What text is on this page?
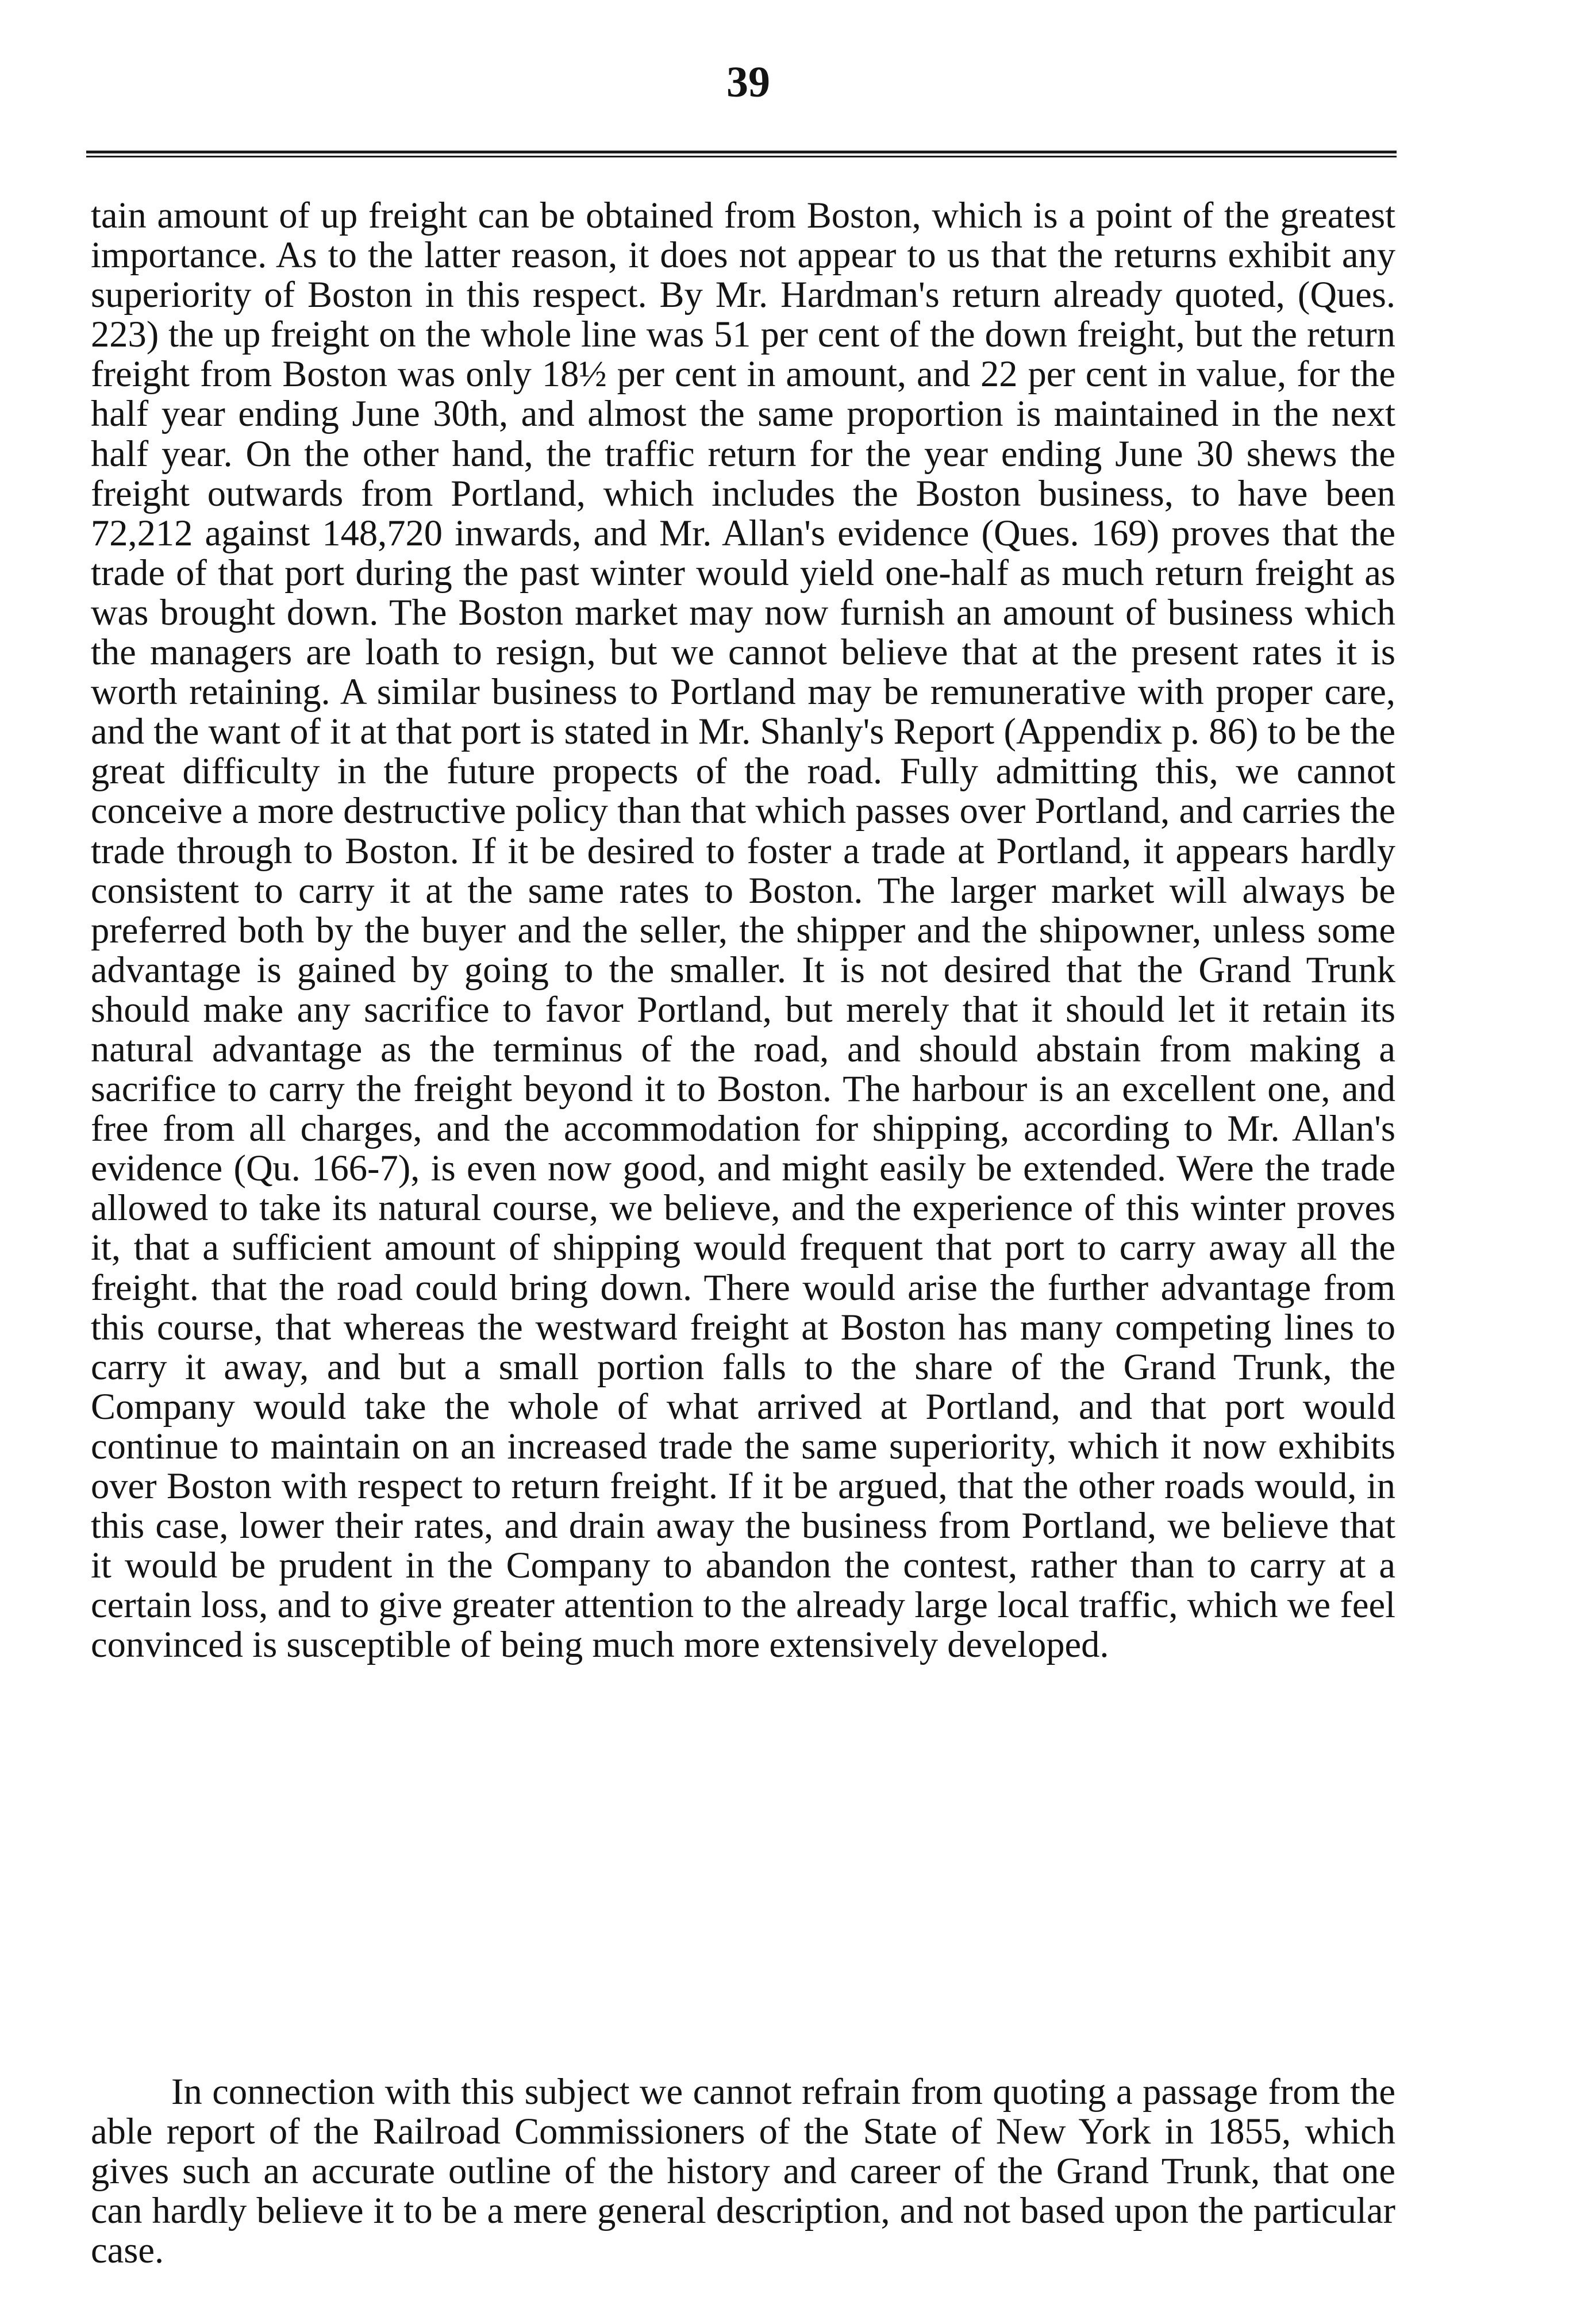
39

tain amount of up freight can be obtained from Boston, which is a point of the greatest importance. As to the latter reason, it does not appear to us that the returns exhibit any superiority of Boston in this respect. By Mr. Hardman's return already quoted, (Ques. 223) the up freight on the whole line was 51 per cent of the down freight, but the return freight from Boston was only 18½ per cent in amount, and 22 per cent in value, for the half year ending June 30th, and almost the same proportion is maintained in the next half year. On the other hand, the traffic return for the year ending June 30 shews the freight outwards from Portland, which includes the Boston business, to have been 72,212 against 148,720 inwards, and Mr. Allan's evidence (Ques. 169) proves that the trade of that port during the past winter would yield one-half as much return freight as was brought down. The Boston market may now furnish an amount of business which the managers are loath to resign, but we cannot believe that at the present rates it is worth retaining. A similar business to Portland may be remunerative with proper care, and the want of it at that port is stated in Mr. Shanly's Report (Appendix p. 86) to be the great difficulty in the future propects of the road. Fully admitting this, we cannot conceive a more destructive policy than that which passes over Portland, and carries the trade through to Boston. If it be desired to foster a trade at Portland, it appears hardly consistent to carry it at the same rates to Boston. The larger market will always be preferred both by the buyer and the seller, the shipper and the shipowner, unless some advantage is gained by going to the smaller. It is not desired that the Grand Trunk should make any sacrifice to favor Portland, but merely that it should let it retain its natural advantage as the terminus of the road, and should abstain from making a sacrifice to carry the freight beyond it to Boston. The harbour is an excellent one, and free from all charges, and the accommodation for shipping, according to Mr. Allan's evidence (Qu. 166-7), is even now good, and might easily be extended. Were the trade allowed to take its natural course, we believe, and the experience of this winter proves it, that a sufficient amount of shipping would frequent that port to carry away all the freight. that the road could bring down. There would arise the further advantage from this course, that whereas the westward freight at Boston has many competing lines to carry it away, and but a small portion falls to the share of the Grand Trunk, the Company would take the whole of what arrived at Portland, and that port would continue to maintain on an increased trade the same superiority, which it now exhibits over Boston with respect to return freight. If it be argued, that the other roads would, in this case, lower their rates, and drain away the business from Portland, we believe that it would be prudent in the Company to abandon the contest, rather than to carry at a certain loss, and to give greater attention to the already large local traffic, which we feel convinced is susceptible of being much more extensively developed.

In connection with this subject we cannot refrain from quoting a passage from the able report of the Railroad Commissioners of the State of New York in 1855, which gives such an accurate outline of the history and career of the Grand Trunk, that one can hardly believe it to be a mere general description, and not based upon the particular case.
